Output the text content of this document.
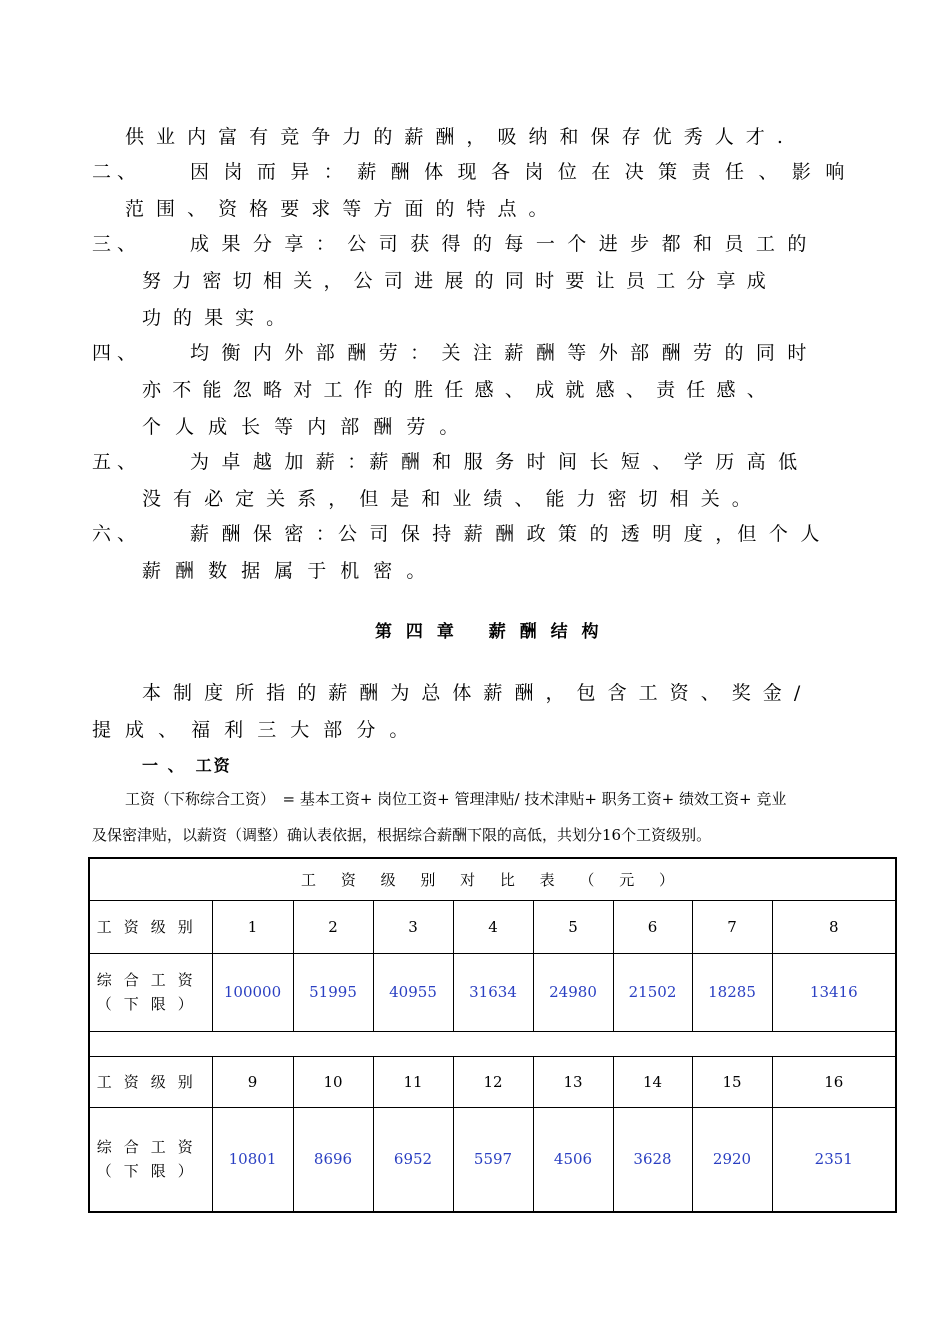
供 业 内 富 有 竞 争 力 的 薪 酬 ， 吸 纳 和 保 存 优 秀 人 才 .
二 、	因 岗 而 异 ： 薪 酬 体 现 各 岗 位 在 决 策 责 任 、 影 响
范 围 、 资 格 要 求 等 方 面 的 特 点 。
三 、	成 果 分 享 ： 公 司 获 得 的 每 一 个 进 步 都 和 员 工 的
努 力 密 切 相 关 ， 公 司 进 展 的 同 时 要 让 员 工 分 享 成
功 的 果 实 。
四 、	均 衡 内 外 部 酬 劳 ： 关 注 薪 酬 等 外 部 酬 劳 的 同 时
亦 不 能 忽 略 对 工 作 的 胜 任 感 、 成 就 感 、 责 任 感 、
个 人 成 长 等 内 部 酬 劳 。
五 、	为 卓 越 加 薪 ：薪 酬 和 服 务 时 间 长 短 、 学 历 高 低
没 有 必 定 关 系 ， 但 是 和 业 绩 、 能 力 密 切 相 关 。
六 、	薪 酬 保 密 ：公 司 保 持 薪 酬 政 策 的 透 明 度 ，但 个 人
薪 酬 数 据 属 于 机 密 。
第 四 章　 薪 酬 结 构
本 制 度 所 指 的 薪 酬 为 总 体 薪 酬 ， 包 含 工 资 、 奖 金 /
提 成 、 福 利 三 大 部 分 。
一 、　工资
工资（下称综合工资）　= 基本工资+ 岗位工资+ 管理津贴/ 技术津贴+ 职务工资+ 绩效工资+ 竞业
及保密津贴，以薪资（调整）确认表依据，根据综合薪酬下限的高低，共划分16个工资级别。
工 资 级 别 对 比 表 （ 元 ）								
工资级别	1	2	3	4	5	6	7	8
综合工资（下限）	100000	51995	40955	31634	24980	21502	18285	13416

工资级别	9	10	11	12	13	14	15	16
综合工资（下限）	10801	8696	6952	5597	4506	3628	2920	2351
